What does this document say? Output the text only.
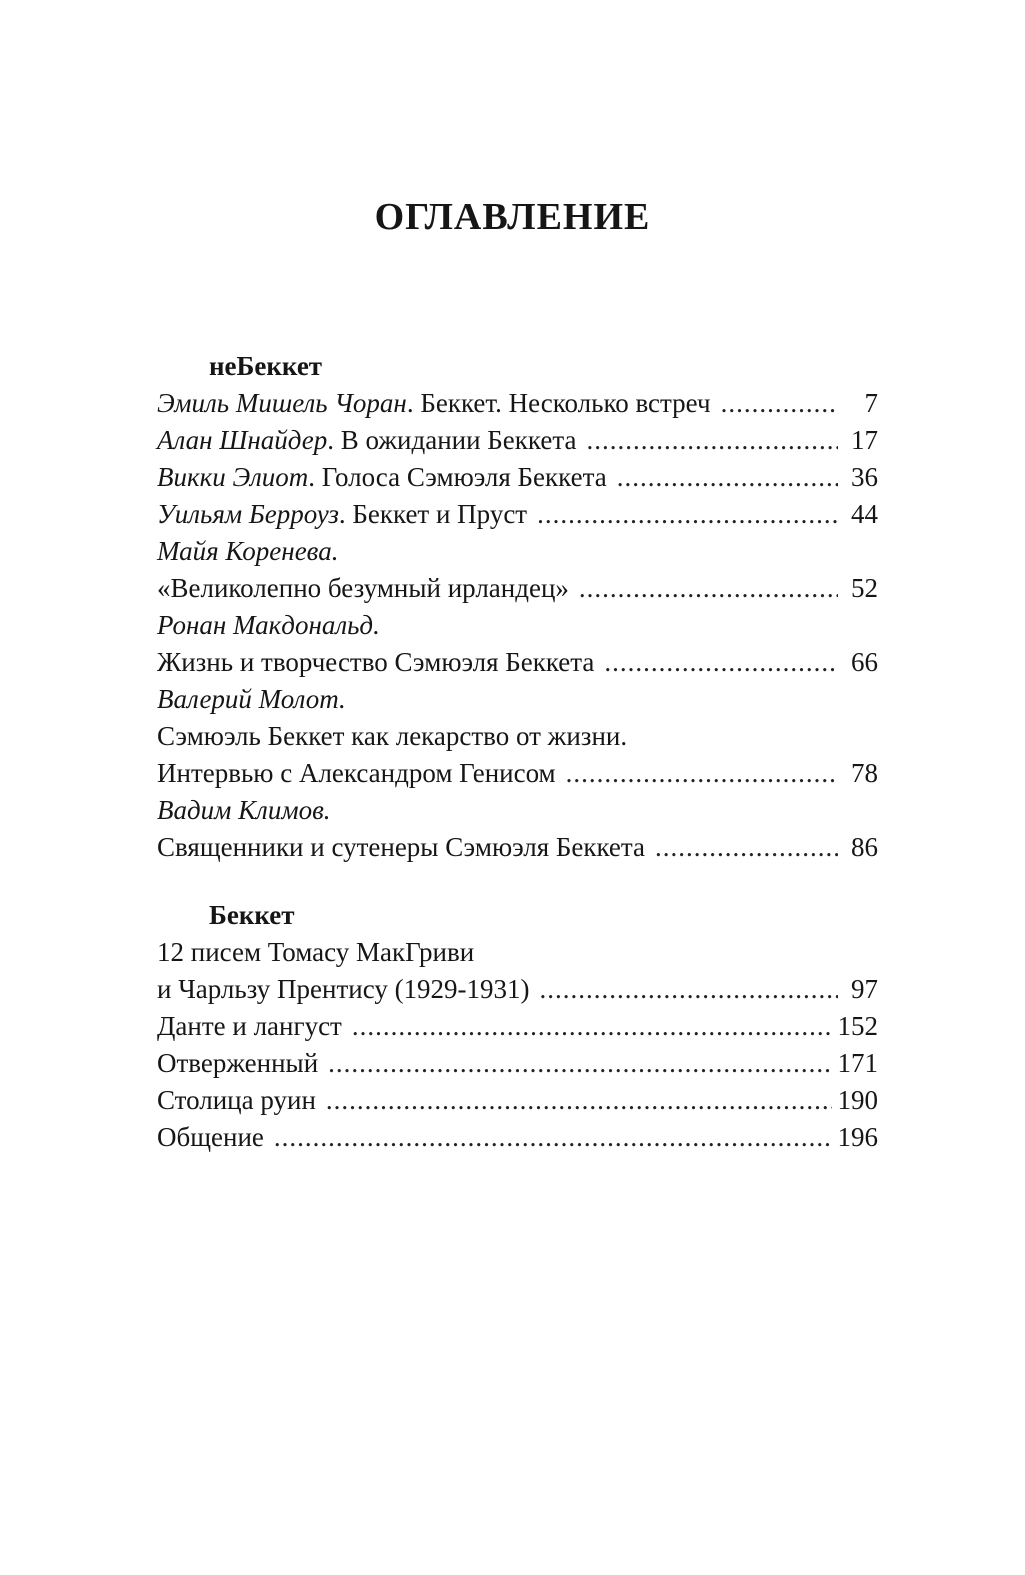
ОГЛАВЛЕНИЕ
неБеккет
Эмиль Мишель Чоран . Беккет. Несколько встреч .....	7
Алан Шнайдер . В ожидании Беккета .....	17
Викки Элиот . Голоса Сэмюэля Беккета .....	36
Уильям Берроуз . Беккет и Пруст .....	44
Майя Коренева.
«Великолепно безумный ирландец» .....	52
Ронан Макдональд.
Жизнь и творчество Сэмюэля Беккета .....	66
Валерий Молот.
Сэмюэль Беккет как лекарство от жизни.
Интервью с Александром Генисом .....	78
Вадим Климов.
Священники и сутенеры Сэмюэля Беккета .....	86
Беккет
12 писем Томасу МакГриви
и Чарльзу Прентису (1929-1931) .....	97
Данте и лангуст .....	152
Отверженный .....	171
Столица руин .....	190
Общение .....	196
